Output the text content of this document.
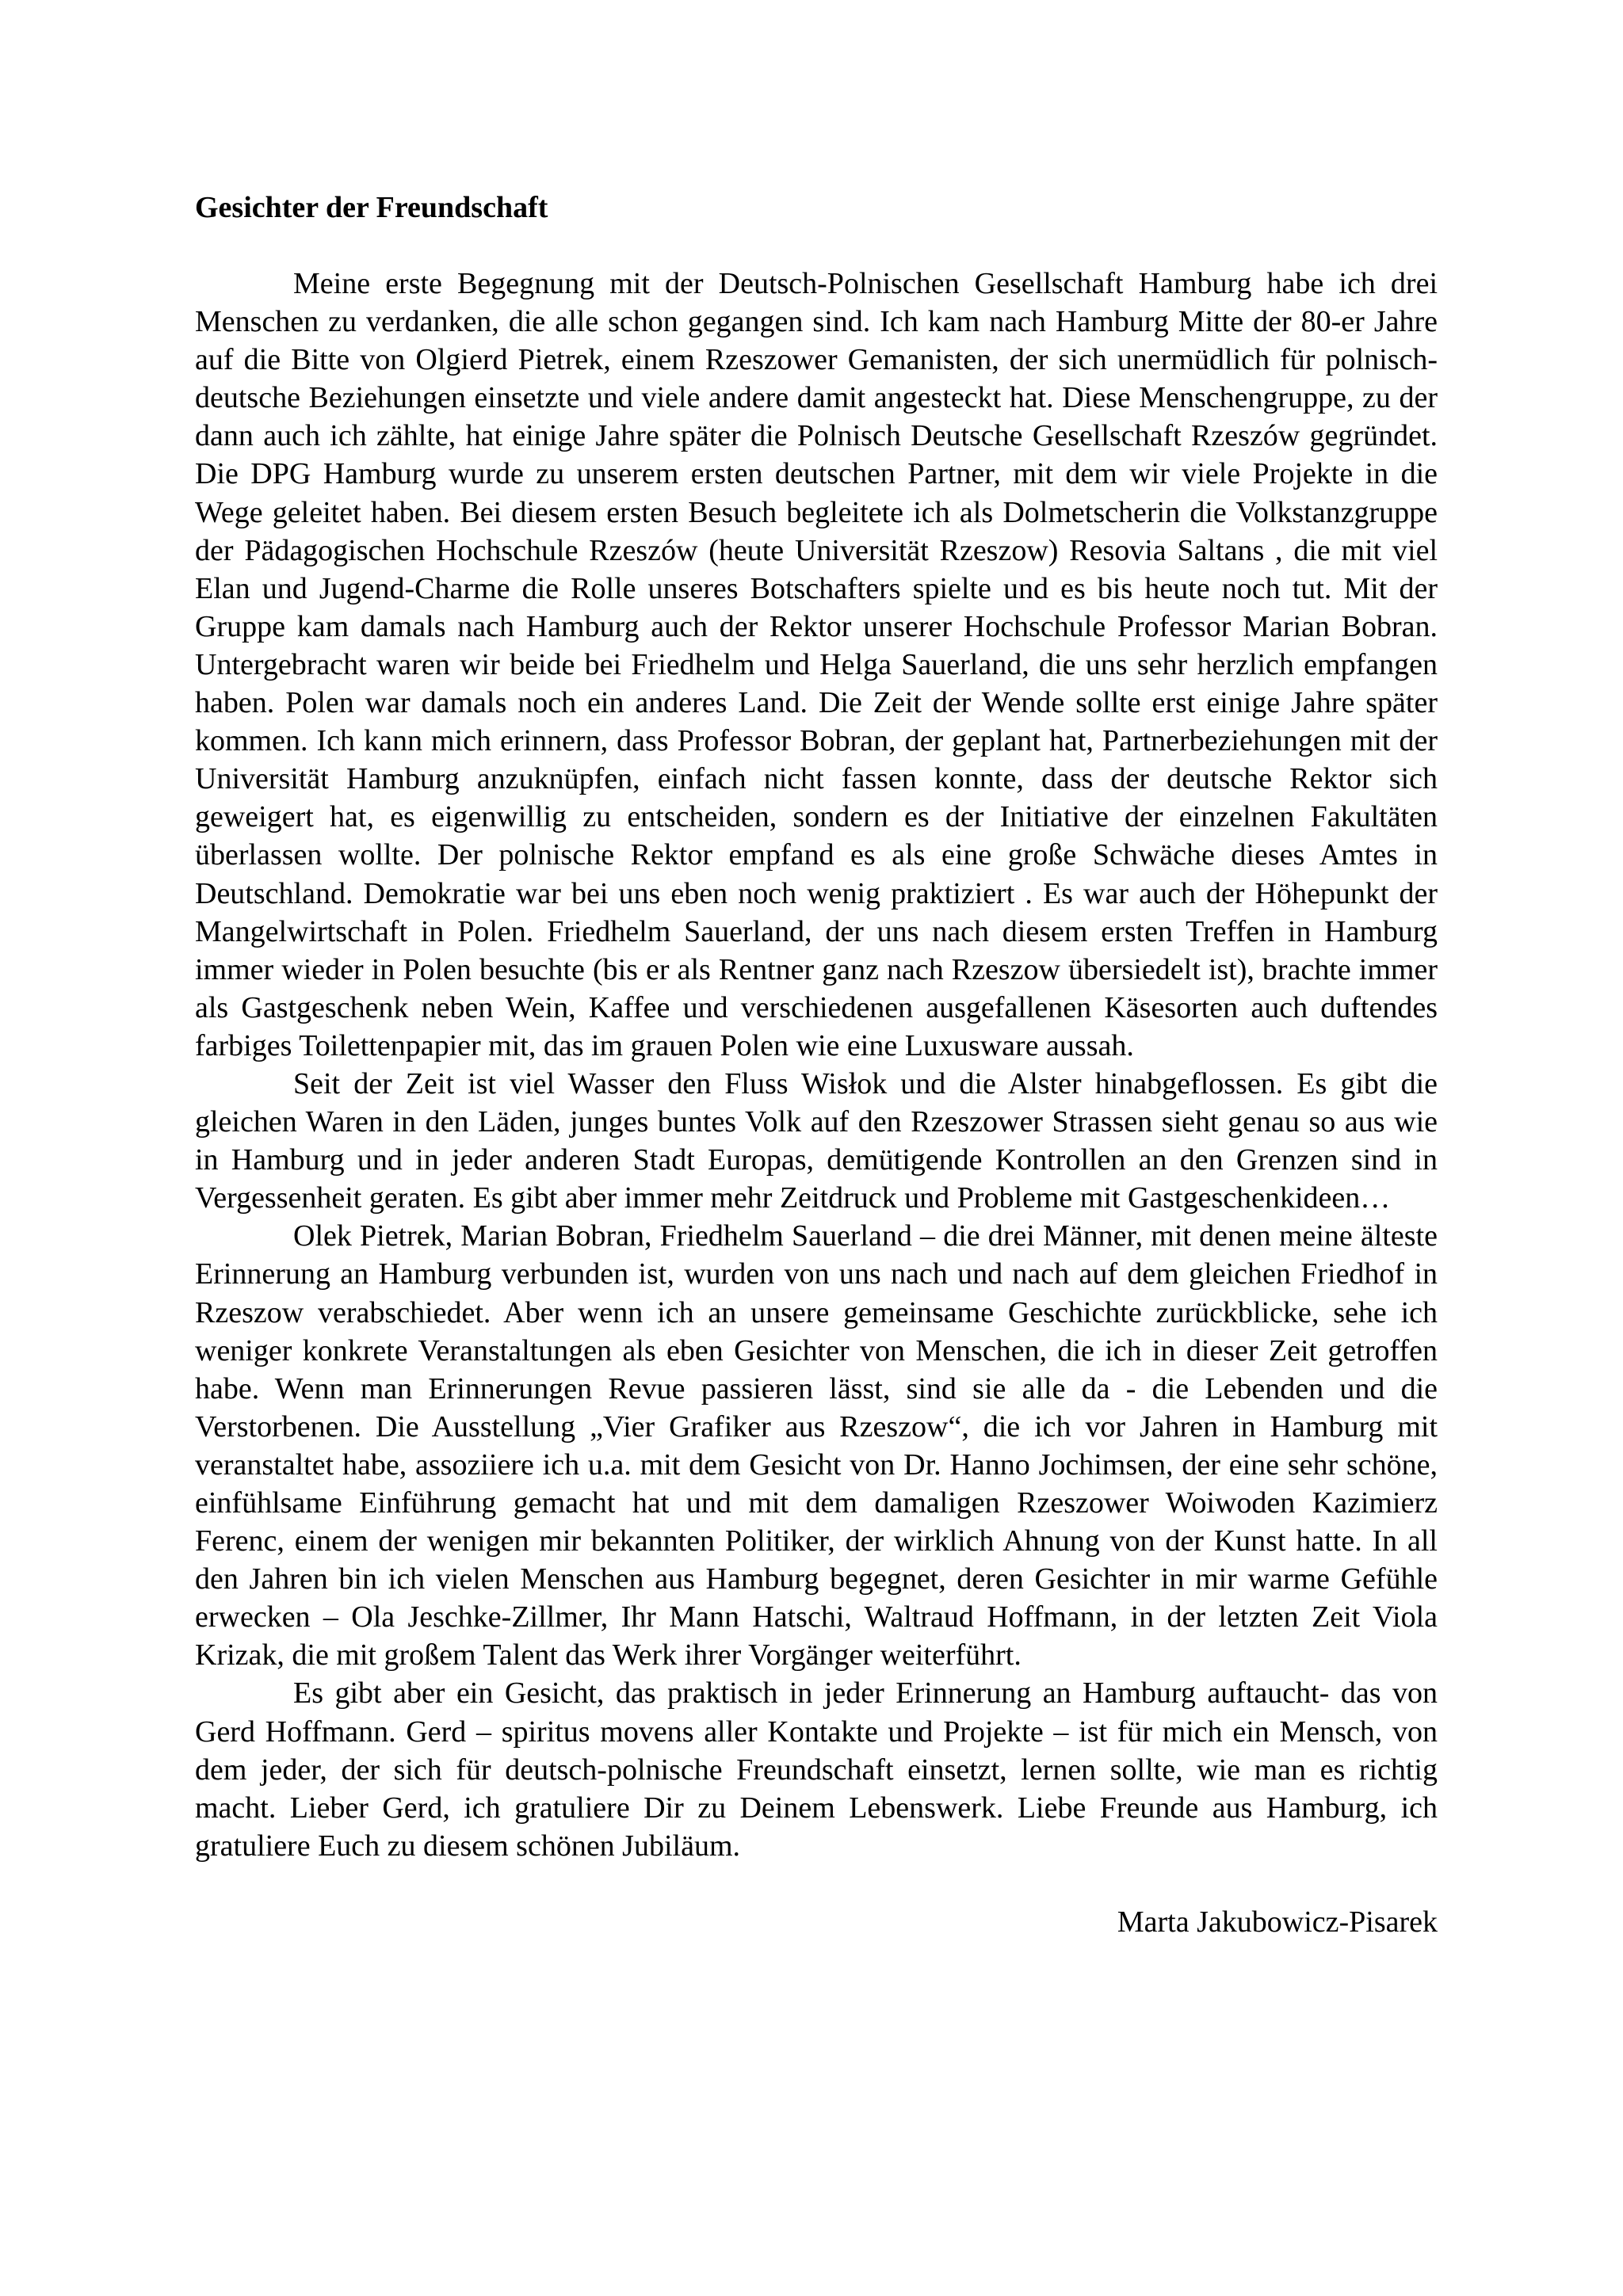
Gesichter der Freundschaft

Meine erste Begegnung mit der Deutsch-Polnischen Gesellschaft Hamburg habe ich drei Menschen zu verdanken, die alle schon gegangen sind. Ich kam nach Hamburg Mitte der 80-er Jahre auf die Bitte von Olgierd Pietrek, einem Rzeszower Gemanisten, der sich unermüdlich für polnisch-deutsche Beziehungen einsetzte und viele andere damit angesteckt hat. Diese Menschengruppe, zu der dann auch ich zählte, hat einige Jahre später die Polnisch Deutsche Gesellschaft Rzeszów gegründet. Die DPG Hamburg wurde zu unserem ersten deutschen Partner, mit dem wir viele Projekte in die Wege geleitet haben. Bei diesem ersten Besuch begleitete ich als Dolmetscherin die Volkstanzgruppe der Pädagogischen Hochschule Rzeszów (heute Universität Rzeszow) Resovia Saltans , die mit viel Elan und Jugend-Charme die Rolle unseres Botschafters spielte und es bis heute noch tut. Mit der Gruppe kam damals nach Hamburg auch der Rektor unserer Hochschule Professor Marian Bobran. Untergebracht waren wir beide bei Friedhelm und Helga Sauerland, die uns sehr herzlich empfangen haben. Polen war damals noch ein anderes Land. Die Zeit der Wende sollte erst einige Jahre später kommen. Ich kann mich erinnern, dass Professor Bobran, der geplant hat, Partnerbeziehungen mit der Universität Hamburg anzuknüpfen, einfach nicht fassen konnte, dass der deutsche Rektor sich geweigert hat, es eigenwillig zu entscheiden, sondern es der Initiative der einzelnen Fakultäten überlassen wollte. Der polnische Rektor empfand es als eine große Schwäche dieses Amtes in Deutschland. Demokratie war bei uns eben noch wenig praktiziert . Es war auch der Höhepunkt der Mangelwirtschaft in Polen. Friedhelm Sauerland, der uns nach diesem ersten Treffen in Hamburg immer wieder in Polen besuchte (bis er als Rentner ganz nach Rzeszow übersiedelt ist), brachte immer als Gastgeschenk neben Wein, Kaffee und verschiedenen ausgefallenen Käsesorten auch duftendes farbiges Toilettenpapier mit, das im grauen Polen wie eine Luxusware aussah.

Seit der Zeit ist viel Wasser den Fluss Wisłok und die Alster hinabgeflossen. Es gibt die gleichen Waren in den Läden, junges buntes Volk auf den Rzeszower Strassen sieht genau so aus wie in Hamburg und in jeder anderen Stadt Europas, demütigende Kontrollen an den Grenzen sind in Vergessenheit geraten. Es gibt aber immer mehr Zeitdruck und Probleme mit Gastgeschenkideen…

Olek Pietrek, Marian Bobran, Friedhelm Sauerland – die drei Männer, mit denen meine älteste Erinnerung an Hamburg verbunden ist, wurden von uns nach und nach auf dem gleichen Friedhof in Rzeszow verabschiedet. Aber wenn ich an unsere gemeinsame Geschichte zurückblicke, sehe ich weniger konkrete Veranstaltungen als eben Gesichter von Menschen, die ich in dieser Zeit getroffen habe. Wenn man Erinnerungen Revue passieren lässt, sind sie alle da - die Lebenden und die Verstorbenen. Die Ausstellung „Vier Grafiker aus Rzeszow“, die ich vor Jahren in Hamburg mit veranstaltet habe, assoziiere ich u.a. mit dem Gesicht von Dr. Hanno Jochimsen, der eine sehr schöne, einfühlsame Einführung gemacht hat und mit dem damaligen Rzeszower Woiwoden Kazimierz Ferenc, einem der wenigen mir bekannten Politiker, der wirklich Ahnung von der Kunst hatte. In all den Jahren bin ich vielen Menschen aus Hamburg begegnet, deren Gesichter in mir warme Gefühle erwecken – Ola Jeschke-Zillmer, Ihr Mann Hatschi, Waltraud Hoffmann, in der letzten Zeit Viola Krizak, die mit großem Talent das Werk ihrer Vorgänger weiterführt.

Es gibt aber ein Gesicht, das praktisch in jeder Erinnerung an Hamburg auftaucht- das von Gerd Hoffmann. Gerd – spiritus movens aller Kontakte und Projekte – ist für mich ein Mensch, von dem jeder, der sich für deutsch-polnische Freundschaft einsetzt, lernen sollte, wie man es richtig macht. Lieber Gerd, ich gratuliere Dir zu Deinem Lebenswerk. Liebe Freunde aus Hamburg, ich gratuliere Euch zu diesem schönen Jubiläum.

Marta Jakubowicz-Pisarek
